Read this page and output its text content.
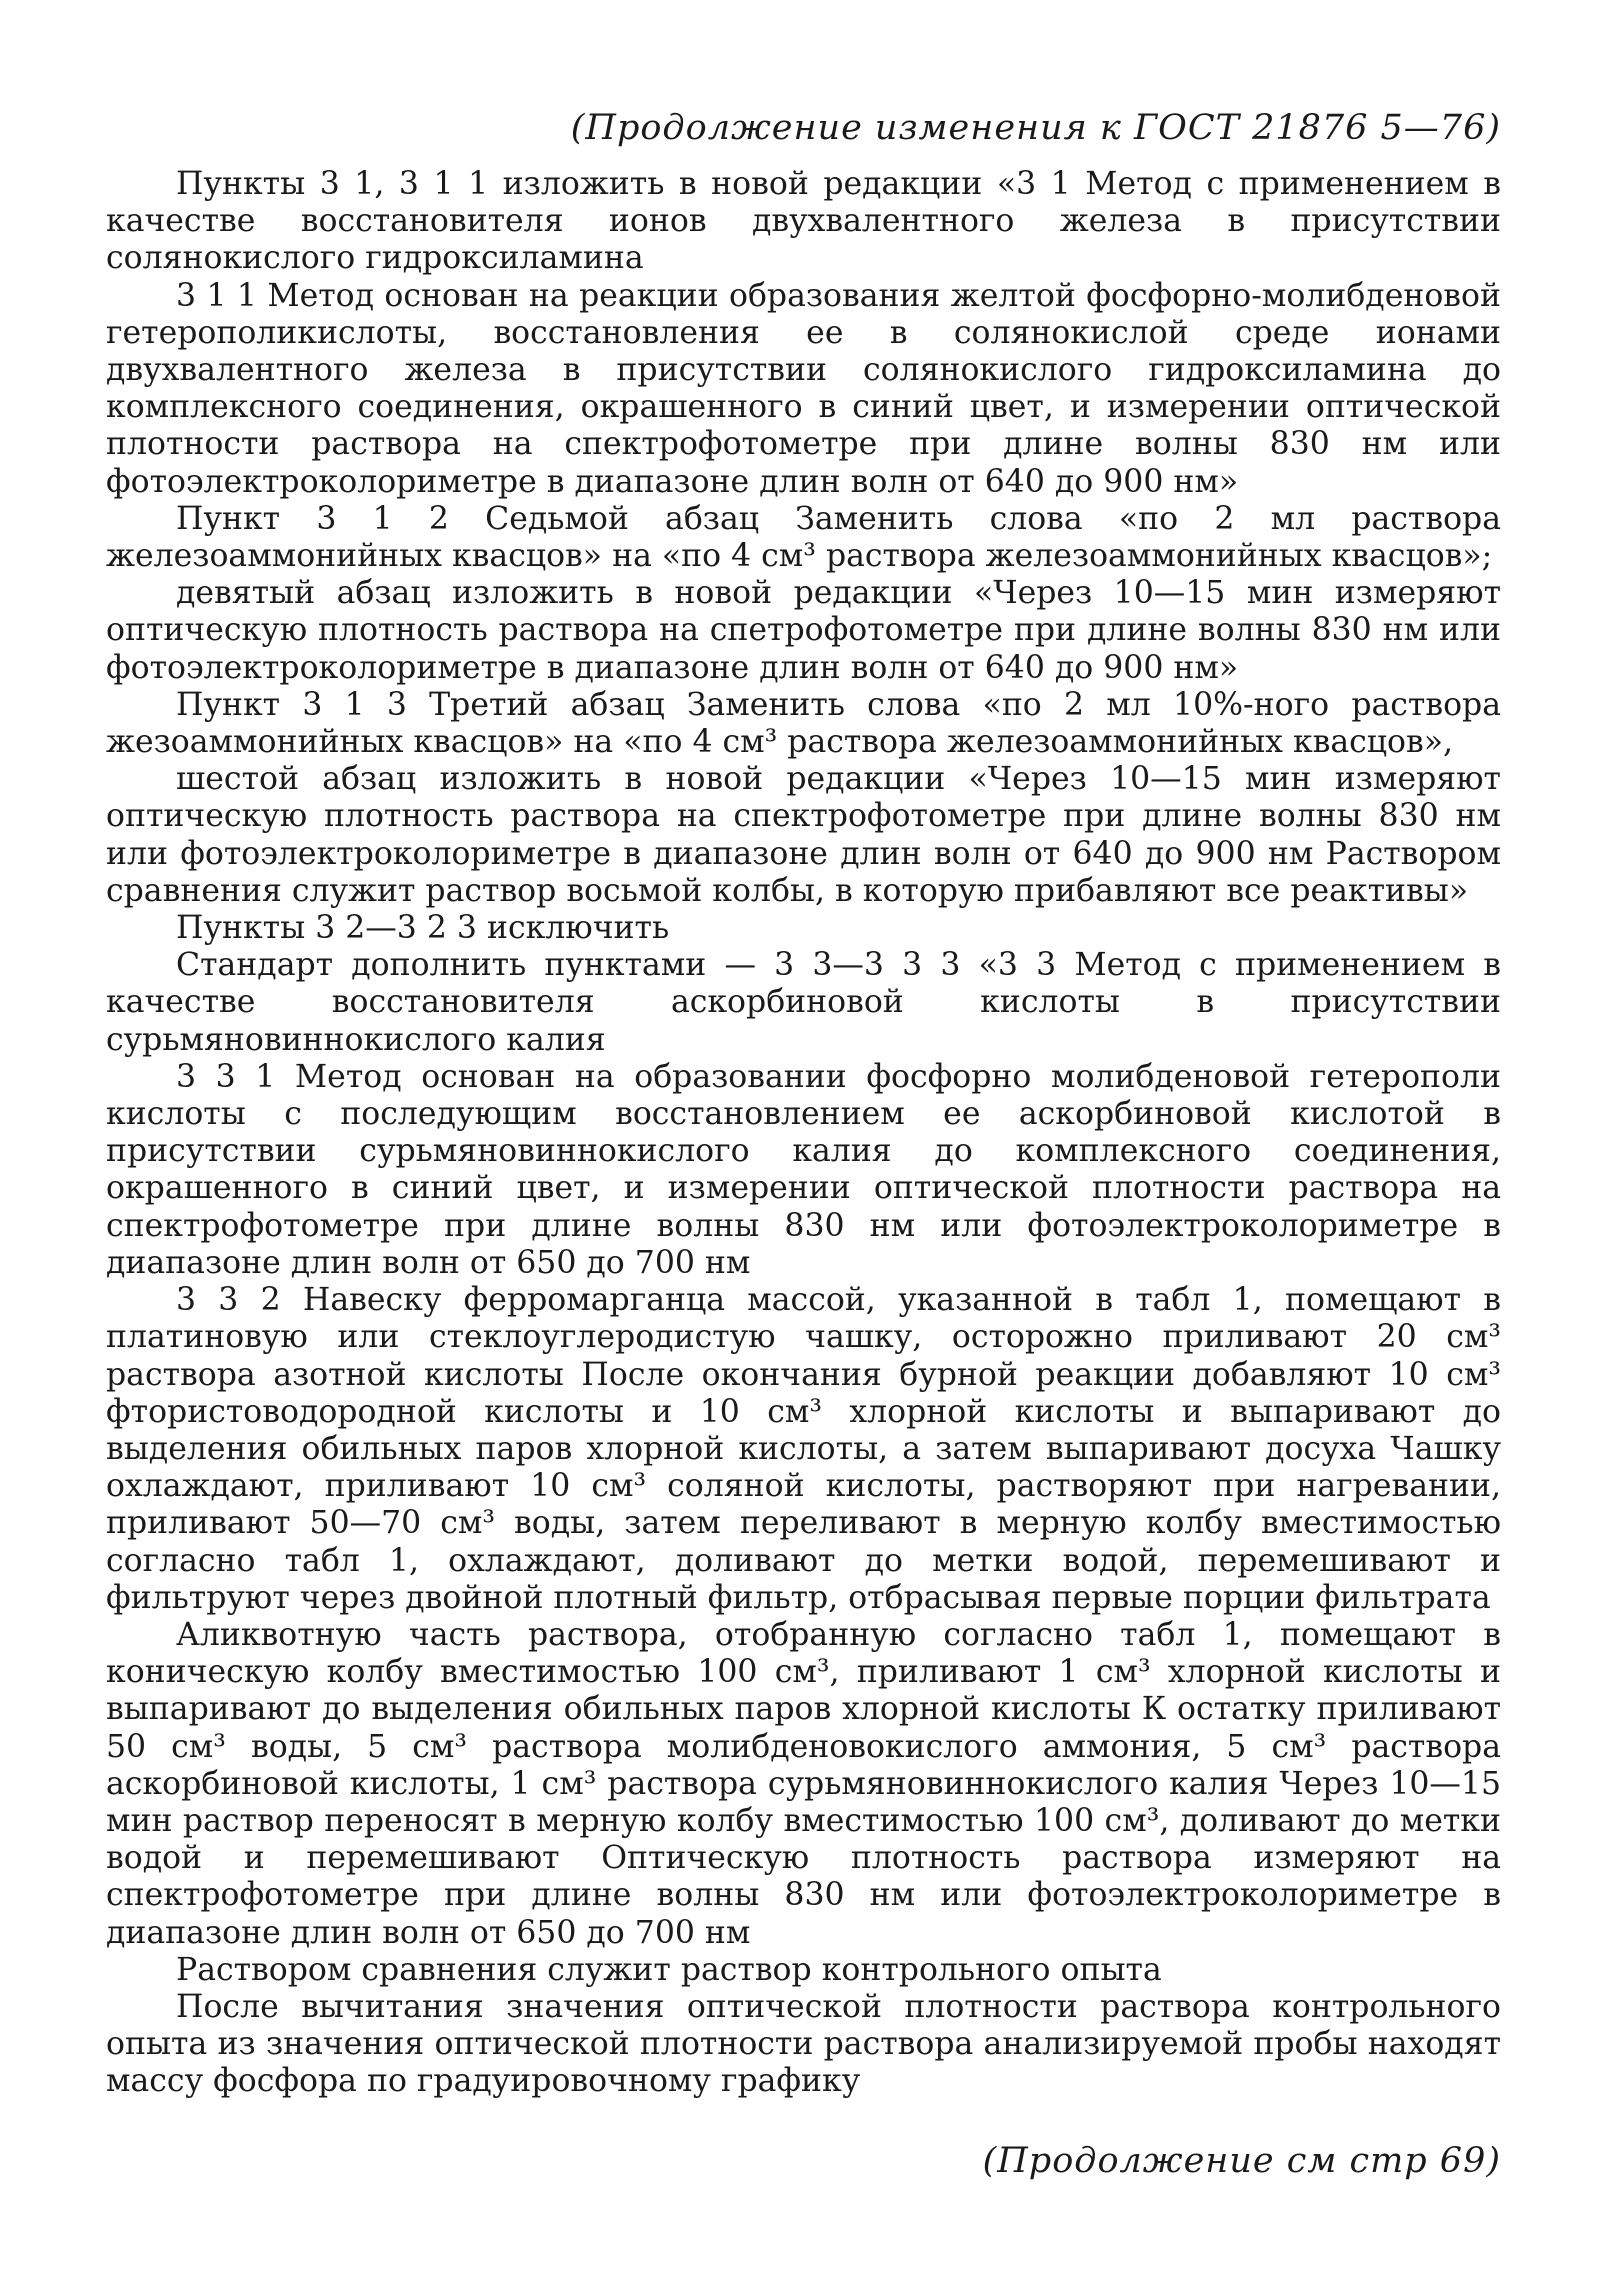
(Продолжение изменения к ГОСТ 21876 5—76)

Пункты 3 1, 3 1 1 изложить в новой редакции «3 1 Метод с применением в качестве восстановителя ионов двухвалентного железа в присутствии солянокислого гидроксиламина

3 1 1 Метод основан на реакции образования желтой фосфорно-молибденовой гетерополикислоты, восстановления ее в солянокислой среде ионами двухвалентного железа в присутствии солянокислого гидроксиламина до комплексного соединения, окрашенного в синий цвет, и измерении оптической плотности раствора на спектрофотометре при длине волны 830 нм или фотоэлектроколориметре в диапазоне длин волн от 640 до 900 нм»

Пункт 3 1 2 Седьмой абзац Заменить слова «по 2 мл раствора железоаммонийных квасцов» на «по 4 см³ раствора железоаммонийных квасцов»;

девятый абзац изложить в новой редакции «Через 10—15 мин измеряют оптическую плотность раствора на спетрофотометре при длине волны 830 нм или фотоэлектроколориметре в диапазоне длин волн от 640 до 900 нм»

Пункт 3 1 3 Третий абзац Заменить слова «по 2 мл 10%-ного раствора жезоаммонийных квасцов» на «по 4 см³ раствора железоаммонийных квасцов»,

шестой абзац изложить в новой редакции «Через 10—15 мин измеряют оптическую плотность раствора на спектрофотометре при длине волны 830 нм или фотоэлектроколориметре в диапазоне длин волн от 640 до 900 нм Раствором сравнения служит раствор восьмой колбы, в которую прибавляют все реактивы»

Пункты 3 2—3 2 3 исключить

Стандарт дополнить пунктами — 3 3—3 3 3 «3 3 Метод с применением в качестве восстановителя аскорбиновой кислоты в присутствии сурьмяновиннокислого калия

3 3 1 Метод основан на образовании фосфорно молибденовой гетерополи кислоты с последующим восстановлением ее аскорбиновой кислотой в присутствии сурьмяновиннокислого калия до комплексного соединения, окрашенного в синий цвет, и измерении оптической плотности раствора на спектрофотометре при длине волны 830 нм или фотоэлектроколориметре в диапазоне длин волн от 650 до 700 нм

3 3 2 Навеску ферромарганца массой, указанной в табл 1, помещают в платиновую или стеклоуглеродистую чашку, осторожно приливают 20 см³ раствора азотной кислоты После окончания бурной реакции добавляют 10 см³ фтористоводородной кислоты и 10 см³ хлорной кислоты и выпаривают до выделения обильных паров хлорной кислоты, а затем выпаривают досуха Чашку охлаждают, приливают 10 см³ соляной кислоты, растворяют при нагревании, приливают 50—70 см³ воды, затем переливают в мерную колбу вместимостью согласно табл 1, охлаждают, доливают до метки водой, перемешивают и фильтруют через двойной плотный фильтр, отбрасывая первые порции фильтрата

Аликвотную часть раствора, отобранную согласно табл 1, помещают в коническую колбу вместимостью 100 см³, приливают 1 см³ хлорной кислоты и выпаривают до выделения обильных паров хлорной кислоты К остатку приливают 50 см³ воды, 5 см³ раствора молибденовокислого аммония, 5 см³ раствора аскорбиновой кислоты, 1 см³ раствора сурьмяновиннокислого калия Через 10—15 мин раствор переносят в мерную колбу вместимостью 100 см³, доливают до метки водой и перемешивают Оптическую плотность раствора измеряют на спектрофотометре при длине волны 830 нм или фотоэлектроколориметре в диапазоне длин волн от 650 до 700 нм

Раствором сравнения служит раствор контрольного опыта

После вычитания значения оптической плотности раствора контрольного опыта из значения оптической плотности раствора анализируемой пробы находят массу фосфора по градуировочному графику

(Продолжение см стр 69)
